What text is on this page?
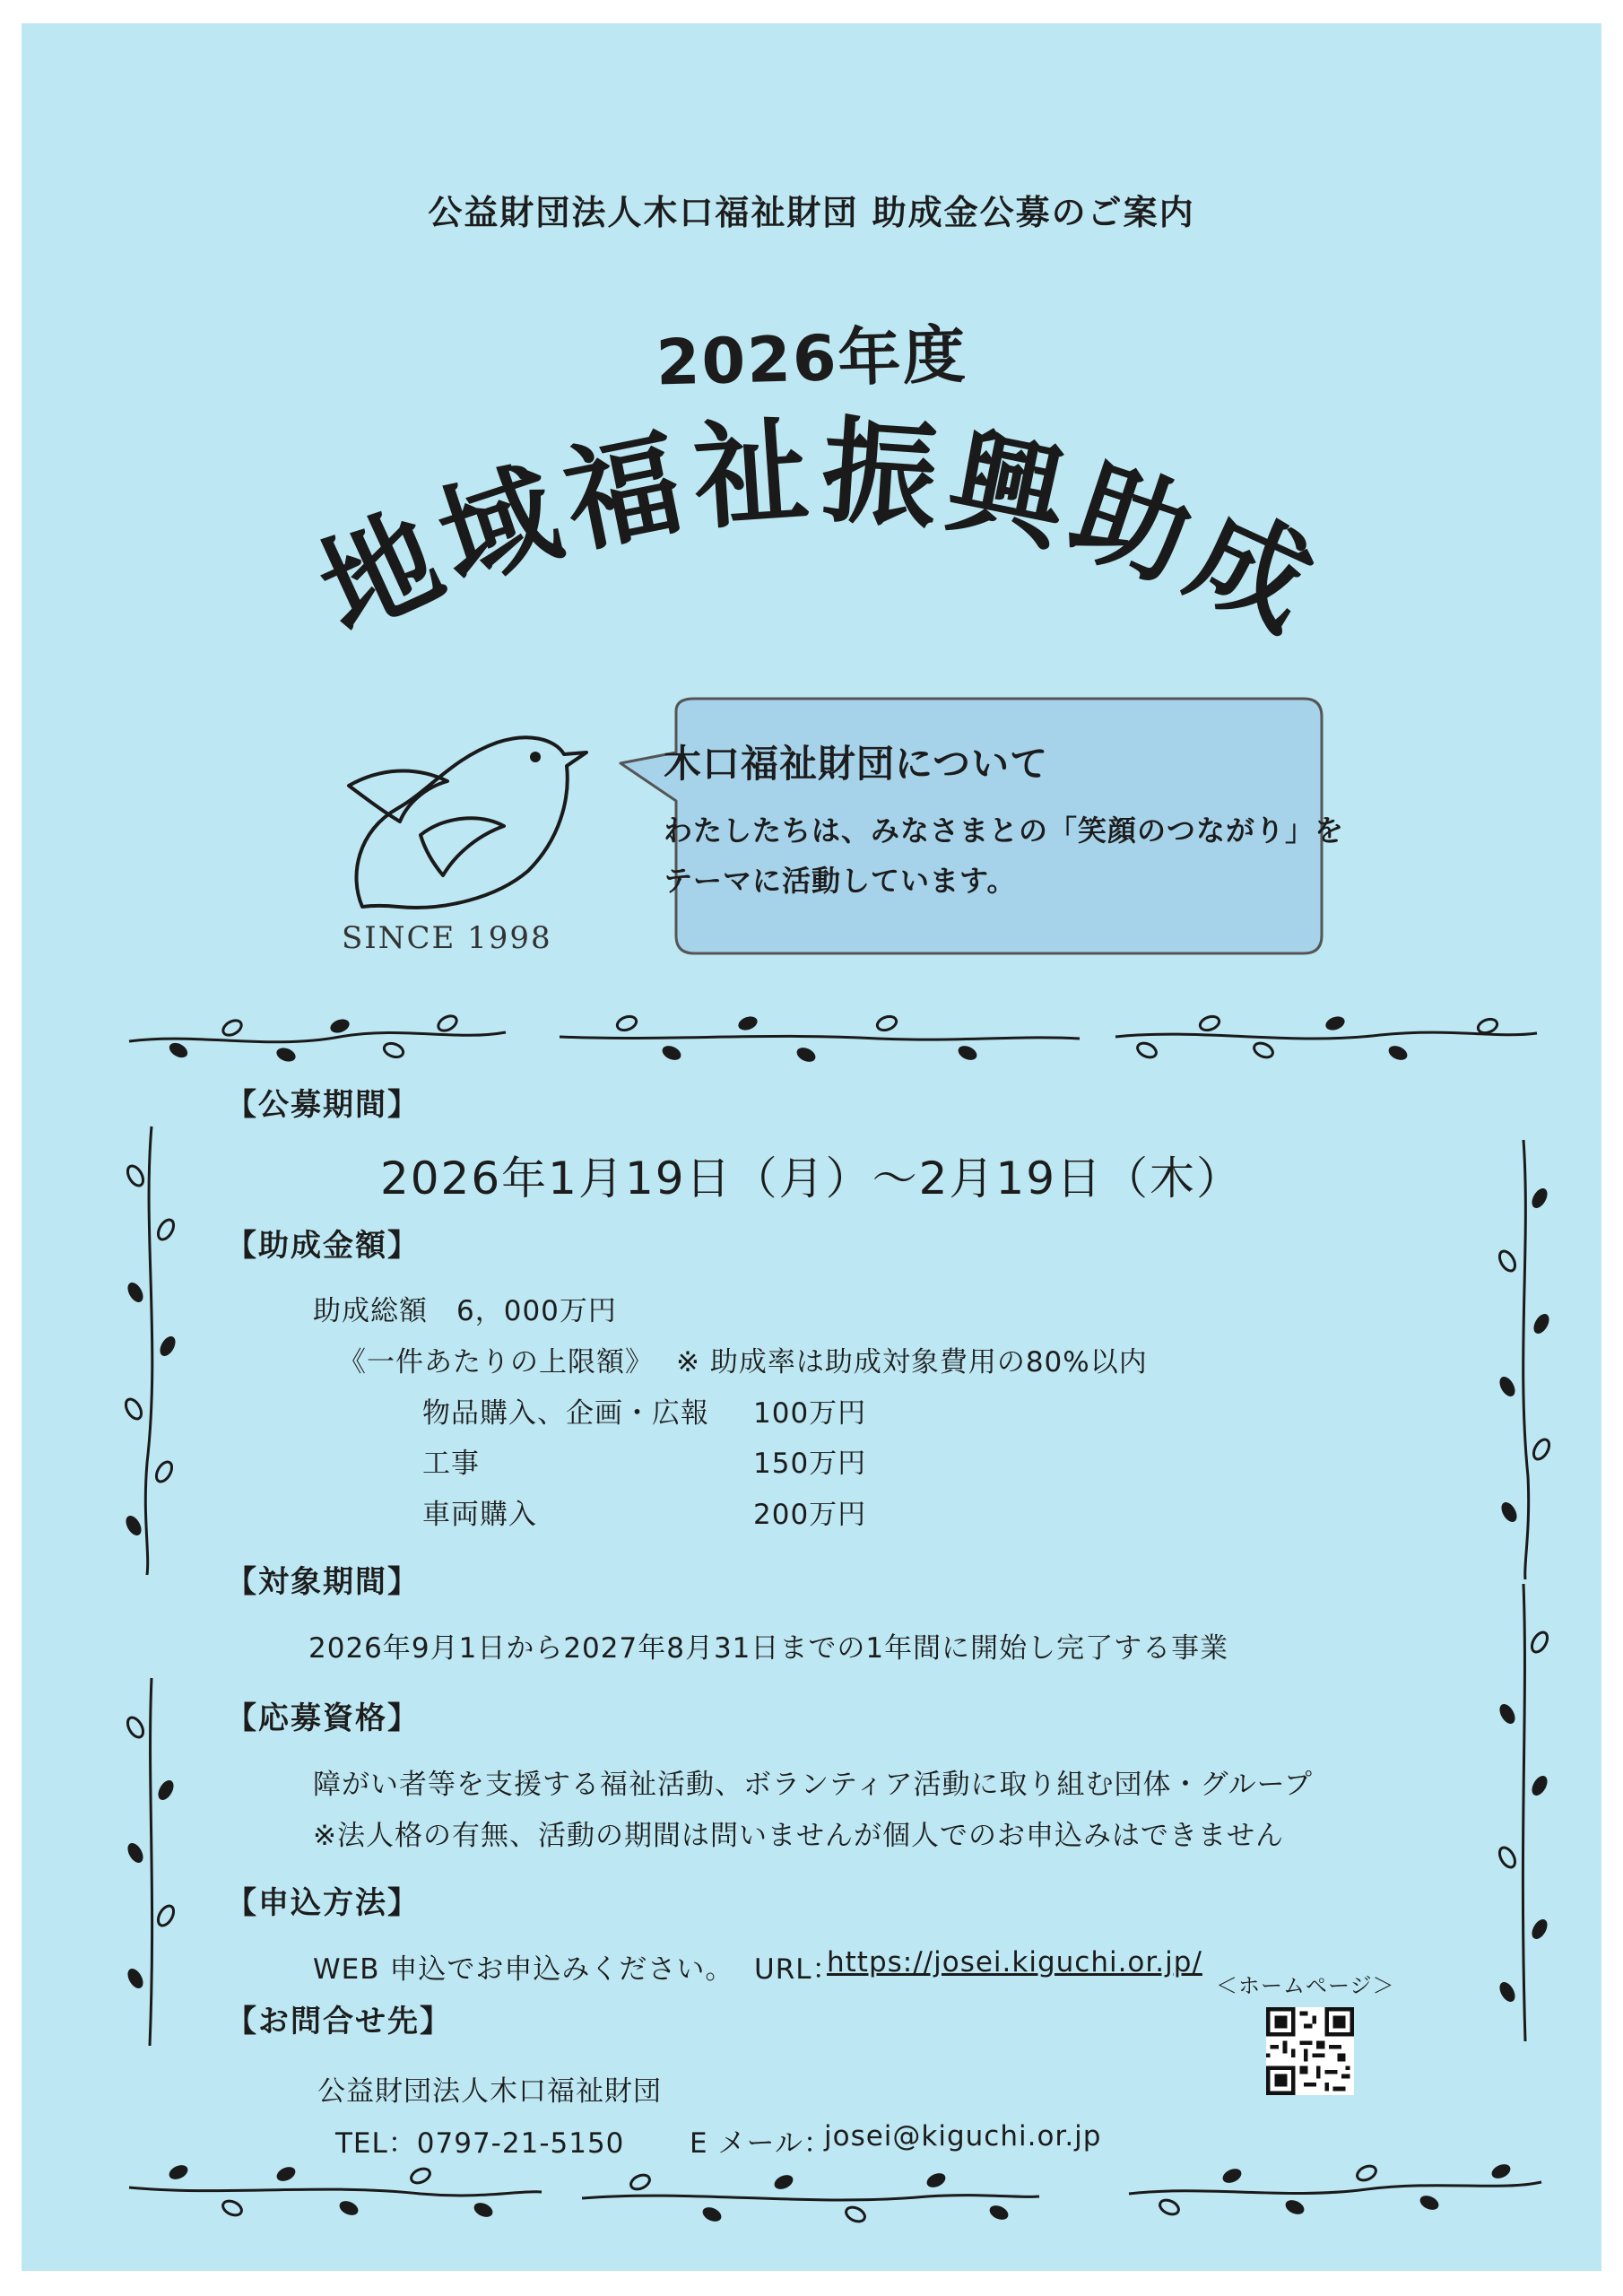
公益財団法人木口福祉財団 助成金公募のご案内
2026年度
地域福祉振興助成
SINCE 1998
木口福祉財団について
わたしたちは、みなさまとの「笑顔のつながり」を
テーマに活動しています。
【公募期間】
2026年1月19日（月）～2月19日（木）
【助成金額】
助成総額　6，000万円
《一件あたりの上限額》 ※ 助成率は助成対象費用の80%以内
物品購入、企画・広報 100万円
工事	150万円
車両購入	200万円
【対象期間】
2026年9月1日から2027年8月31日までの1年間に開始し完了する事業
【応募資格】
障がい者等を支援する福祉活動、ボランティア活動に取り組む団体・グループ
※法人格の有無、活動の期間は問いませんが個人でのお申込みはできません
【申込方法】
WEB 申込でお申込みください。 URL：
https://josei.kiguchi.or.jp/
【お問合せ先】
公益財団法人木口福祉財団
TEL：0797-21-5150 E メール：
josei@kiguchi.or.jp
＜ホームページ＞
